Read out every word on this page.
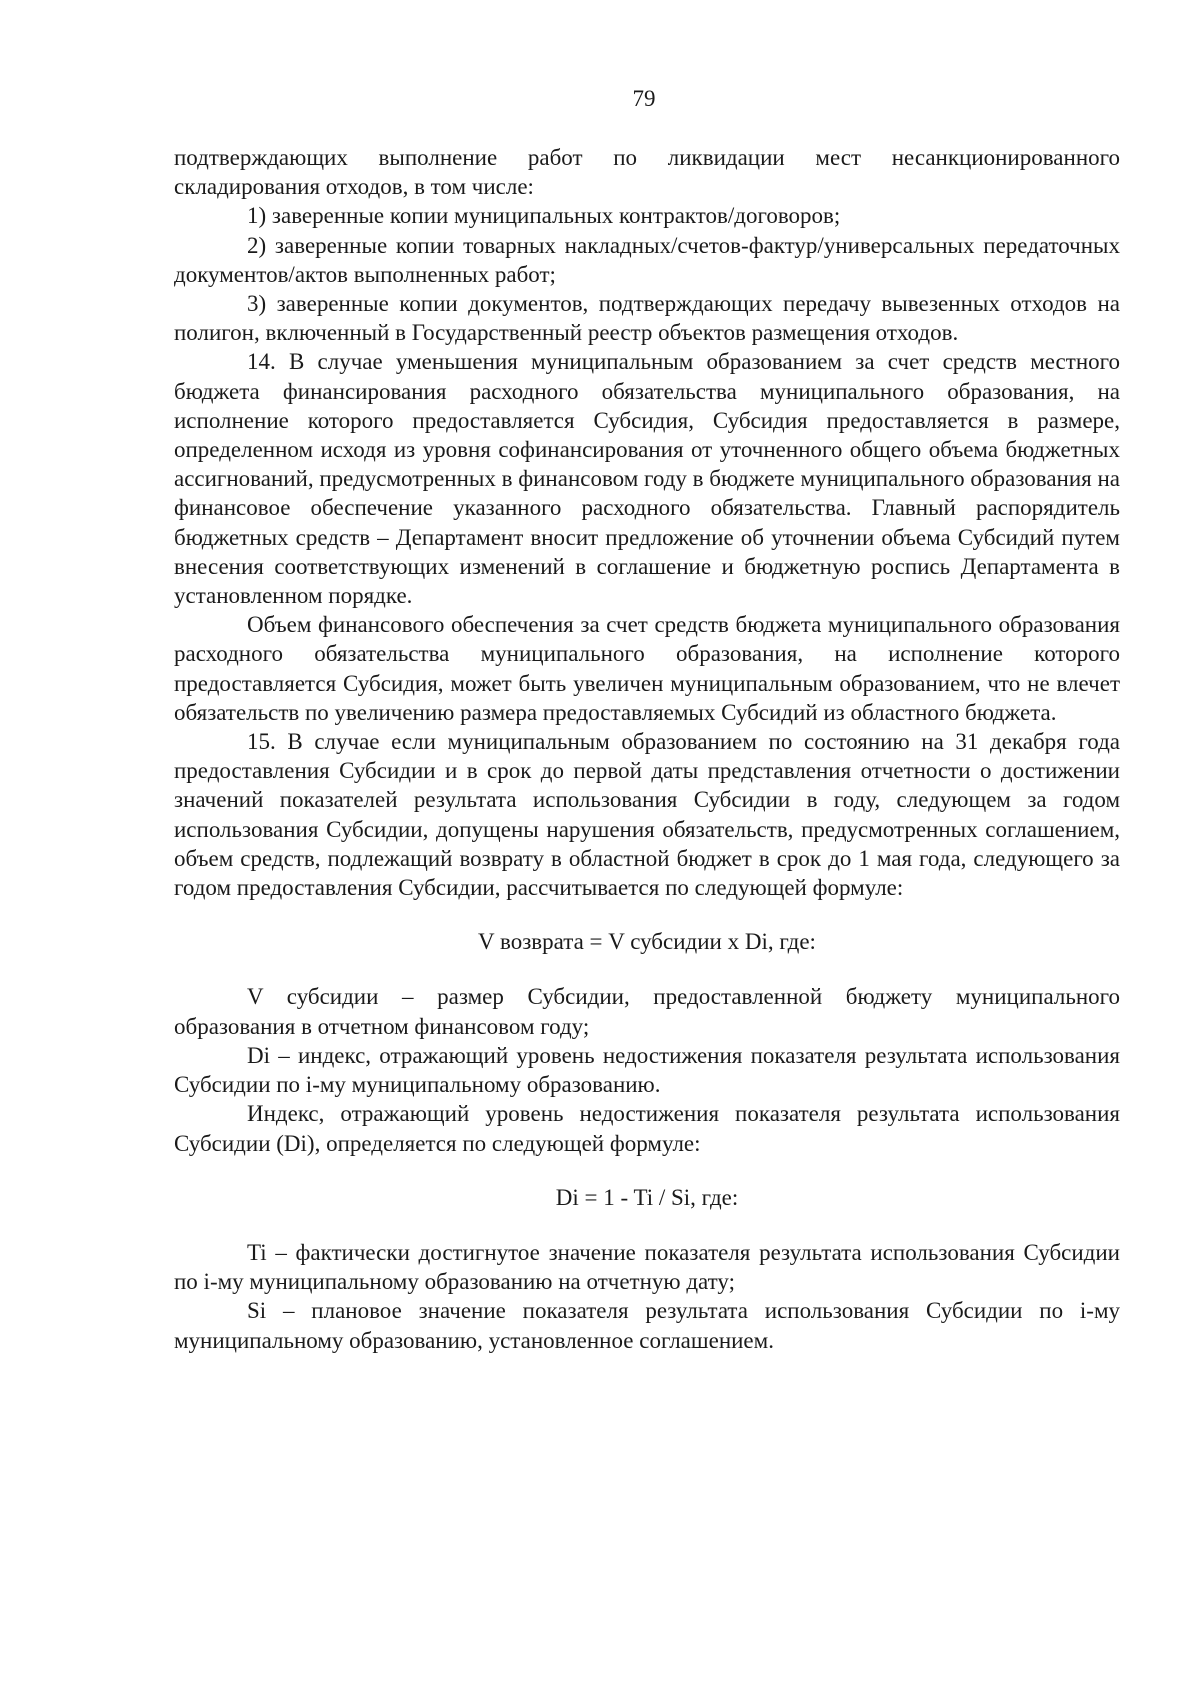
79

подтверждающих выполнение работ по ликвидации мест несанкционированного складирования отходов, в том числе:

1) заверенные копии муниципальных контрактов/договоров;

2) заверенные копии товарных накладных/счетов-фактур/универсальных передаточных документов/актов выполненных работ;

3) заверенные копии документов, подтверждающих передачу вывезенных отходов на полигон, включенный в Государственный реестр объектов размещения отходов.

14. В случае уменьшения муниципальным образованием за счет средств местного бюджета финансирования расходного обязательства муниципального образования, на исполнение которого предоставляется Субсидия, Субсидия предоставляется в размере, определенном исходя из уровня софинансирования от уточненного общего объема бюджетных ассигнований, предусмотренных в финансовом году в бюджете муниципального образования на финансовое обеспечение указанного расходного обязательства. Главный распорядитель бюджетных средств – Департамент вносит предложение об уточнении объема Субсидий путем внесения соответствующих изменений в соглашение и бюджетную роспись Департамента в установленном порядке.

Объем финансового обеспечения за счет средств бюджета муниципального образования расходного обязательства муниципального образования, на исполнение которого предоставляется Субсидия, может быть увеличен муниципальным образованием, что не влечет обязательств по увеличению размера предоставляемых Субсидий из областного бюджета.

15. В случае если муниципальным образованием по состоянию на 31 декабря года предоставления Субсидии и в срок до первой даты представления отчетности о достижении значений показателей результата использования Субсидии в году, следующем за годом использования Субсидии, допущены нарушения обязательств, предусмотренных соглашением, объем средств, подлежащий возврату в областной бюджет в срок до 1 мая года, следующего за годом предоставления Субсидии, рассчитывается по следующей формуле:

V возврата = V субсидии x Di, где:

V субсидии – размер Субсидии, предоставленной бюджету муниципального образования в отчетном финансовом году;

Di – индекс, отражающий уровень недостижения показателя результата использования Субсидии по i-му муниципальному образованию.

Индекс, отражающий уровень недостижения показателя результата использования Субсидии (Di), определяется по следующей формуле:

Di = 1 - Ti / Si, где:

Ti – фактически достигнутое значение показателя результата использования Субсидии по i-му муниципальному образованию на отчетную дату;

Si – плановое значение показателя результата использования Субсидии по i-му муниципальному образованию, установленное соглашением.
